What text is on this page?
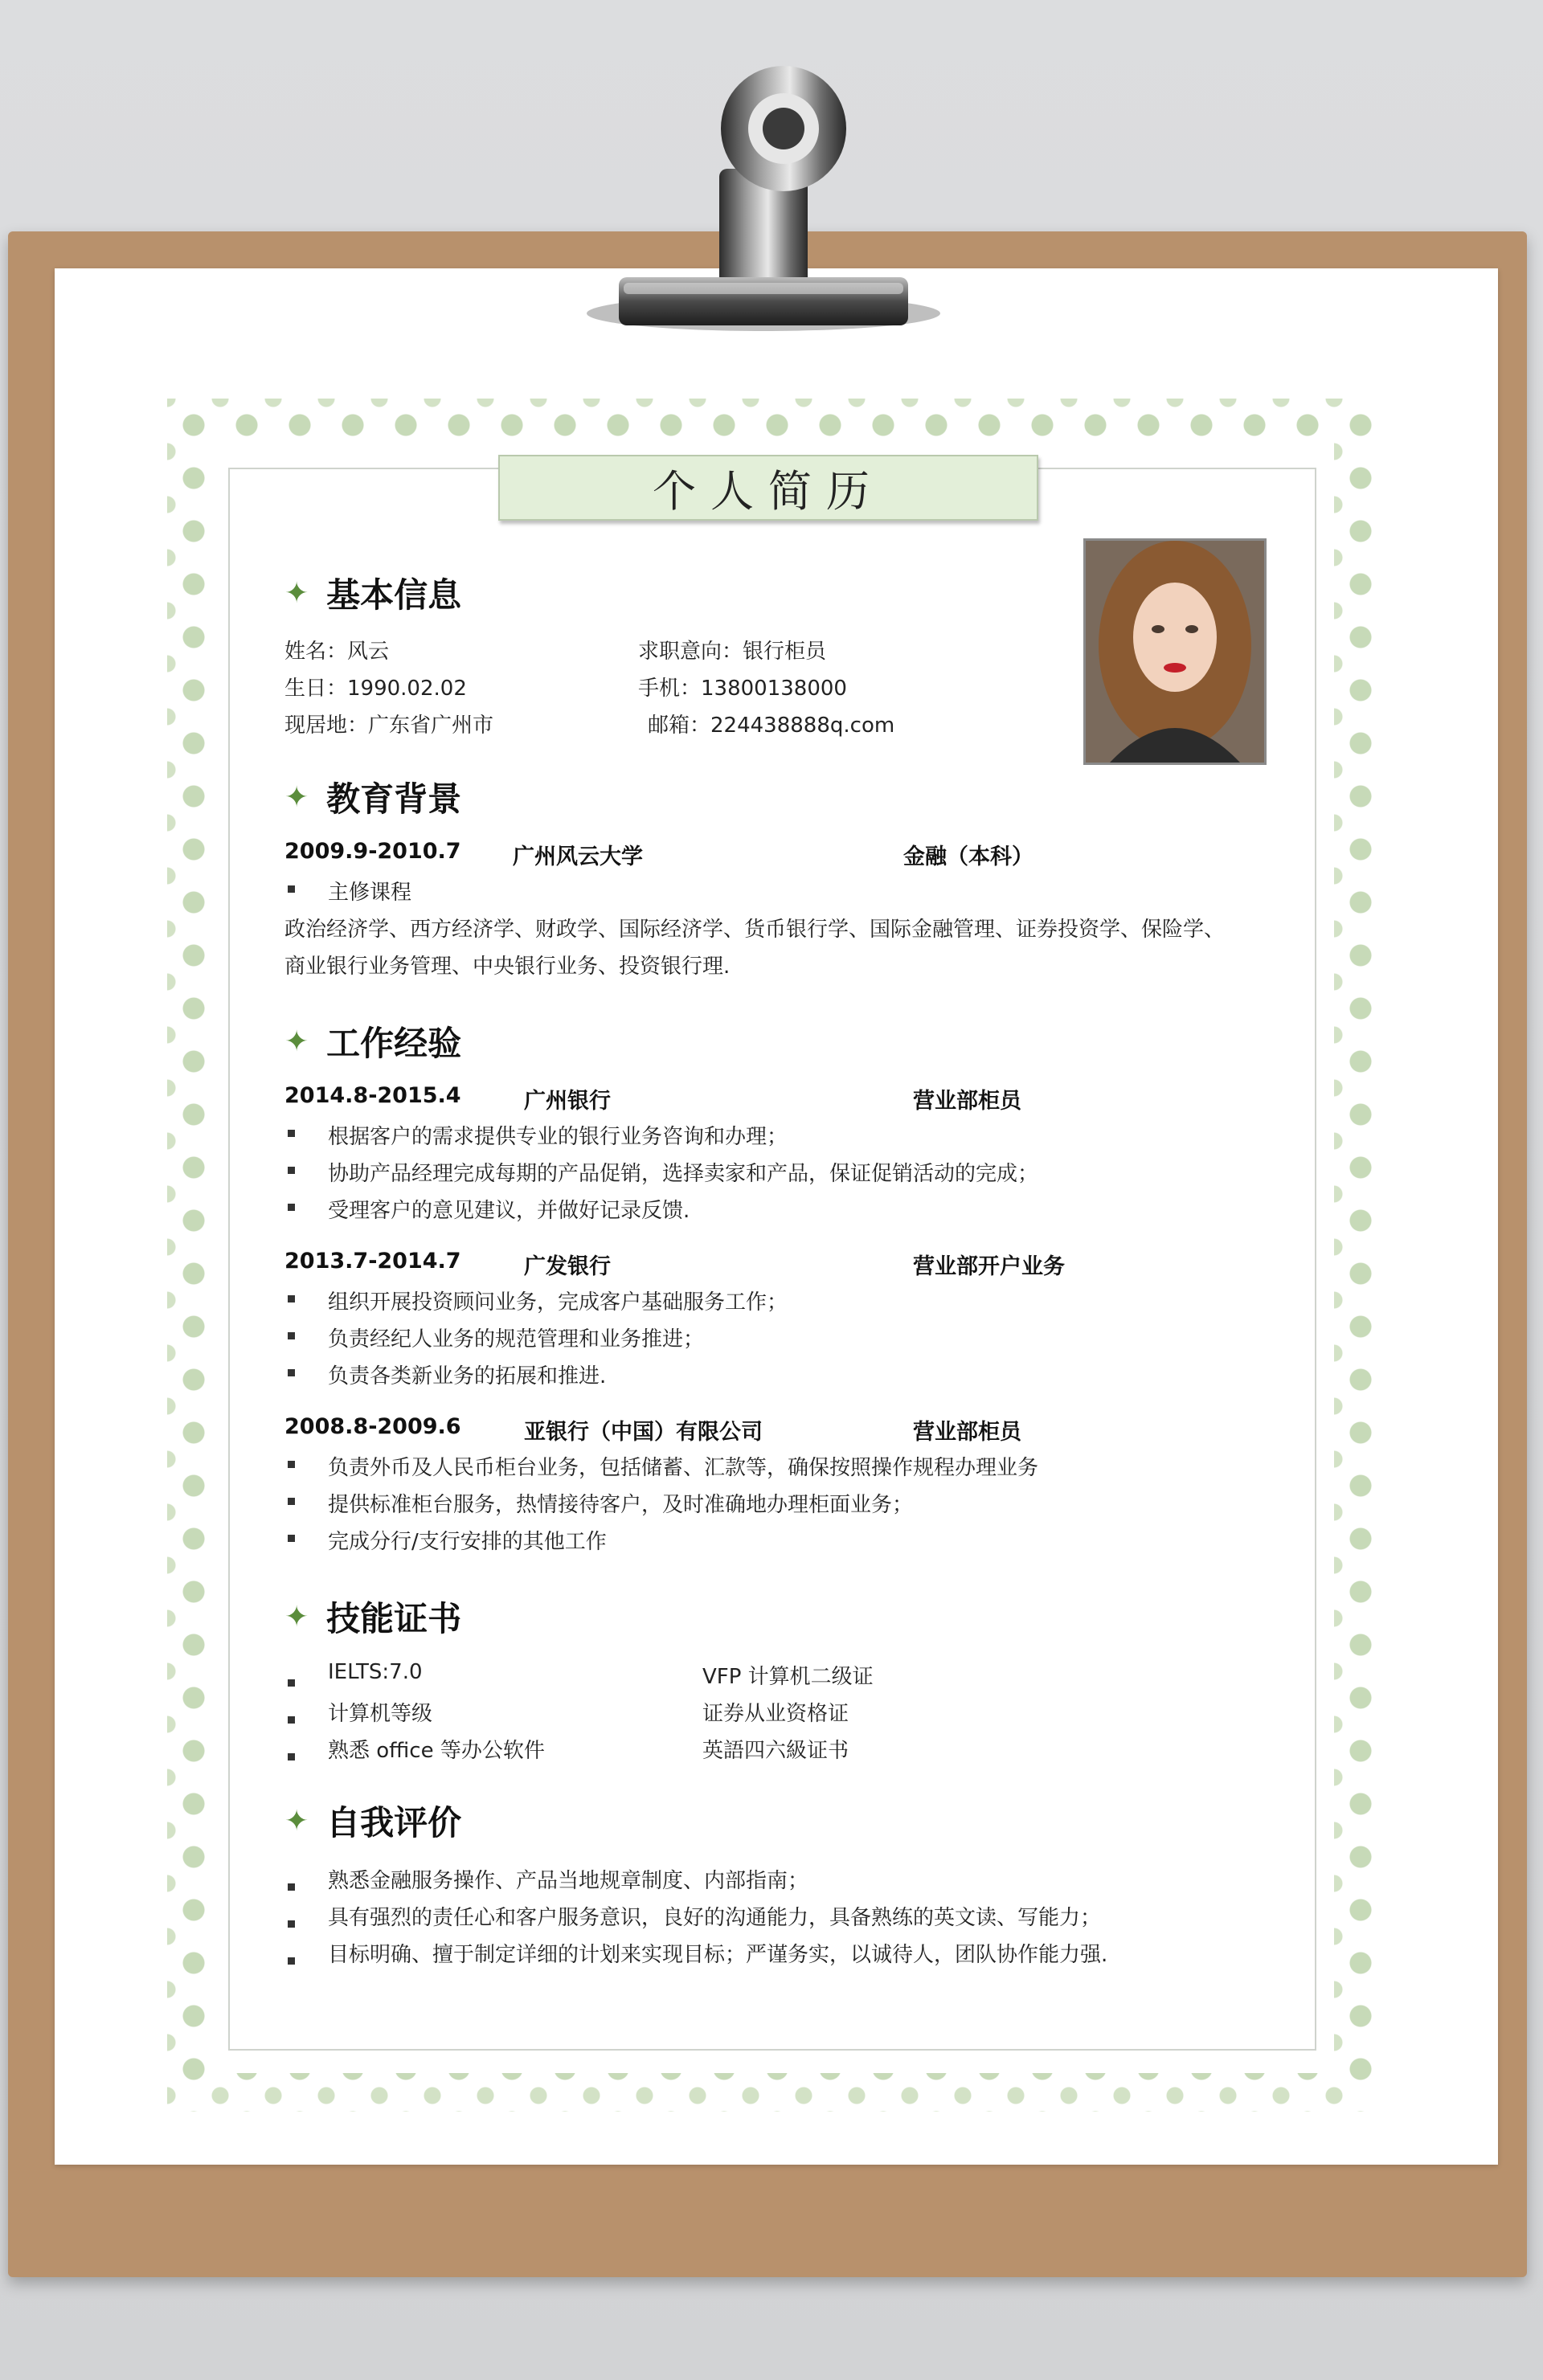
个人简历
✦ 基本信息
姓名：风云	求职意向：银行柜员
生日：1990.02.02	手机：13800138000
现居地：广东省广州市	邮箱：224438888q.com
✦ 教育背景
2009.9-2010.7 广州风云大学	金融（本科）
主修课程
政治经济学、西方经济学、财政学、国际经济学、货币银行学、国际金融管理、证券投资学、保险学、
商业银行业务管理、中央银行业务、投资银行理.
✦ 工作经验
2014.8-2015.4	广州银行	营业部柜员
根据客户的需求提供专业的银行业务咨询和办理；
协助产品经理完成每期的产品促销，选择卖家和产品，保证促销活动的完成；
受理客户的意见建议，并做好记录反馈.
2013.7-2014.7	广发银行	营业部开户业务
组织开展投资顾问业务，完成客户基础服务工作；
负责经纪人业务的规范管理和业务推进；
负责各类新业务的拓展和推进.
2008.8-2009.6	亚银行（中国）有限公司	营业部柜员
负责外币及人民币柜台业务，包括储蓄、汇款等，确保按照操作规程办理业务
提供标准柜台服务，热情接待客户，及时准确地办理柜面业务；
完成分行/支行安排的其他工作
✦ 技能证书
IELTS:7.0	VFP 计算机二级证
计算机等级	证券从业资格证
熟悉 office 等办公软件	英語四六級证书
✦ 自我评价
熟悉金融服务操作、产品当地规章制度、内部指南；
具有强烈的责任心和客户服务意识，良好的沟通能力，具备熟练的英文读、写能力；
目标明确、擅于制定详细的计划来实现目标；严谨务实，以诚待人，团队协作能力强.
